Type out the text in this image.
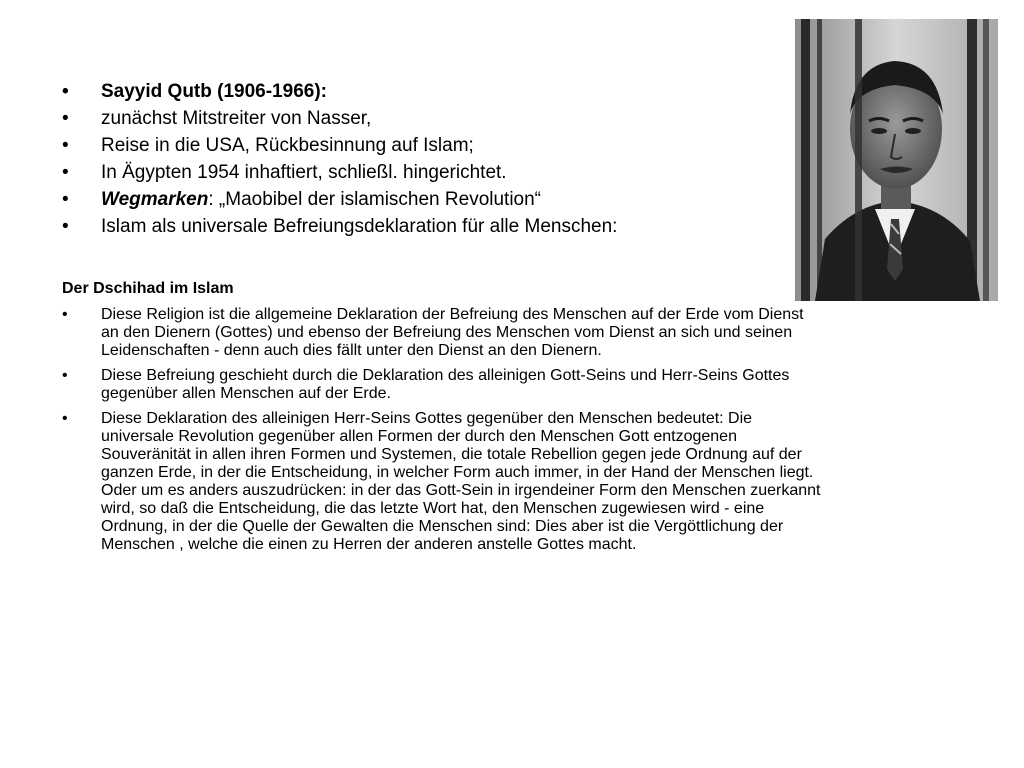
• Sayyid Qutb (1906-1966):
• zunächst Mitstreiter von Nasser,
• Reise in die USA, Rückbesinnung auf Islam;
• In Ägypten 1954 inhaftiert, schließl. hingerichtet.
• Wegmarken: „Maobibel der islamischen Revolution“
• Islam als universale Befreiungsdeklaration für alle Menschen:
Der Dschihad im Islam
• Diese Religion ist die allgemeine Deklaration der Befreiung des Menschen auf der Erde vom Dienst an den Dienern (Gottes) und ebenso der Befreiung des Menschen vom Dienst an sich und seinen Leidenschaften - denn auch dies fällt unter den Dienst an den Dienern.
• Diese Befreiung geschieht durch die Deklaration des alleinigen Gott-Seins und Herr-Seins Gottes gegenüber allen Menschen auf der Erde.
• Diese Deklaration des alleinigen Herr-Seins Gottes gegenüber den Menschen bedeutet: Die universale Revolution gegenüber allen Formen der durch den Menschen Gott entzogenen Souveränität in allen ihren Formen und Systemen, die totale Rebellion gegen jede Ordnung auf der ganzen Erde, in der die Entscheidung, in welcher Form auch immer, in der Hand der Menschen liegt. Oder um es anders auszudrücken: in der das Gott-Sein in irgendeiner Form den Menschen zuerkannt wird, so daß die Entscheidung, die das letzte Wort hat, den Menschen zugewiesen wird - eine Ordnung, in der die Quelle der Gewalten die Menschen sind: Dies aber ist die Vergöttlichung der Menschen , welche die einen zu Herren der anderen anstelle Gottes macht.
